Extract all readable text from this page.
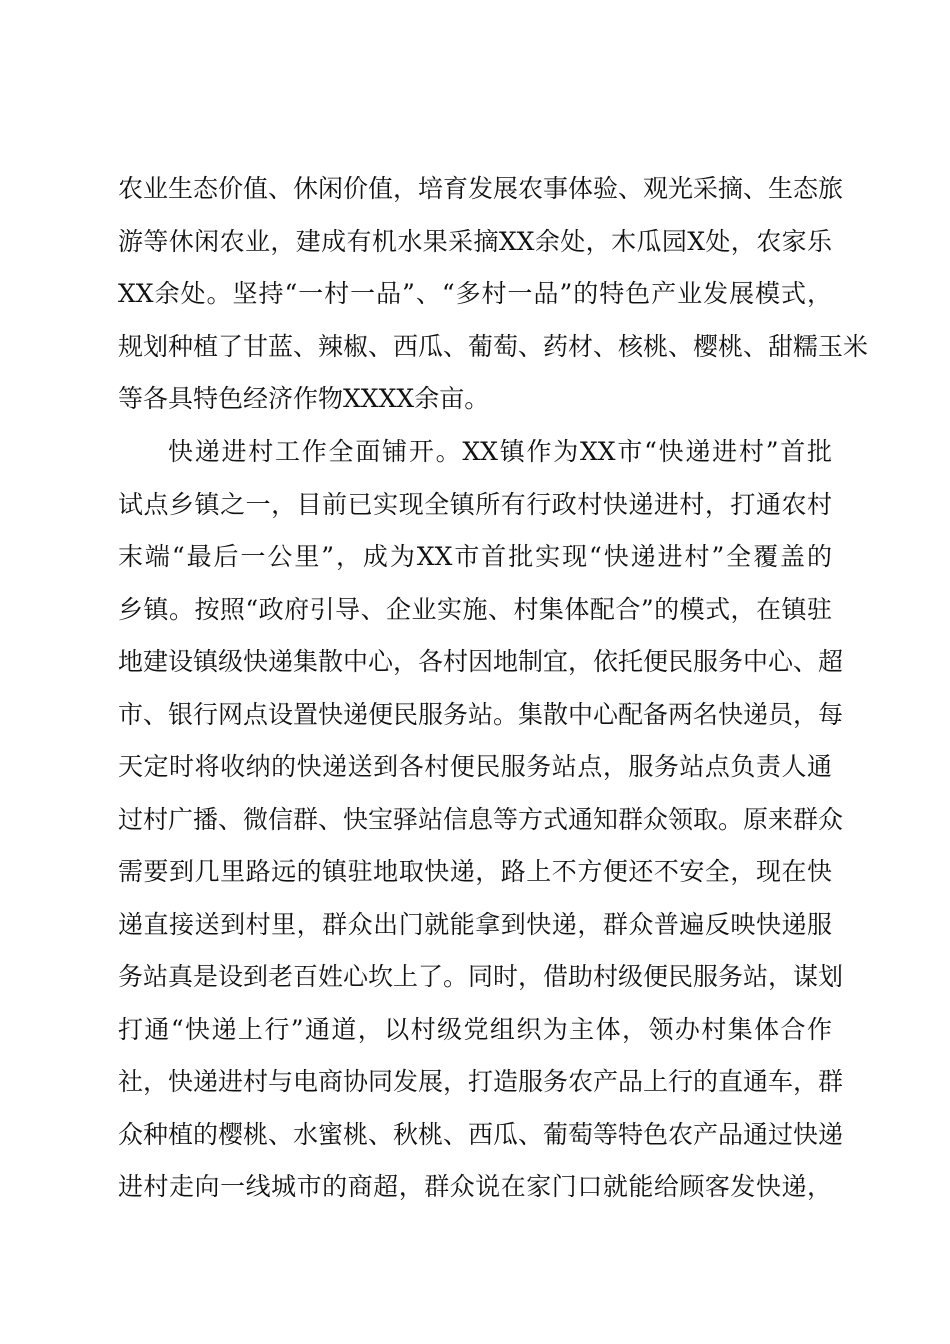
农业生态价值、休闲价值，培育发展农事体验、观光采摘、生态旅
游等休闲农业，建成有机水果采摘XX余处，木瓜园X处，农家乐
XX余处。坚持“一村一品”、“多村一品”的特色产业发展模式，
规划种植了甘蓝、辣椒、西瓜、葡萄、药材、核桃、樱桃、甜糯玉米
等各具特色经济作物XXXX余亩。
快递进村工作全面铺开。XX镇作为XX市“快递进村”首批
试点乡镇之一，目前已实现全镇所有行政村快递进村，打通农村
末端“最后一公里”，成为XX市首批实现“快递进村”全覆盖的
乡镇。按照“政府引导、企业实施、村集体配合”的模式，在镇驻
地建设镇级快递集散中心，各村因地制宜，依托便民服务中心、超
市、银行网点设置快递便民服务站。集散中心配备两名快递员，每
天定时将收纳的快递送到各村便民服务站点，服务站点负责人通
过村广播、微信群、快宝驿站信息等方式通知群众领取。原来群众
需要到几里路远的镇驻地取快递，路上不方便还不安全，现在快
递直接送到村里，群众出门就能拿到快递，群众普遍反映快递服
务站真是设到老百姓心坎上了。同时，借助村级便民服务站，谋划
打通“快递上行”通道，以村级党组织为主体，领办村集体合作
社，快递进村与电商协同发展，打造服务农产品上行的直通车，群
众种植的樱桃、水蜜桃、秋桃、西瓜、葡萄等特色农产品通过快递
进村走向一线城市的商超，群众说在家门口就能给顾客发快递，
